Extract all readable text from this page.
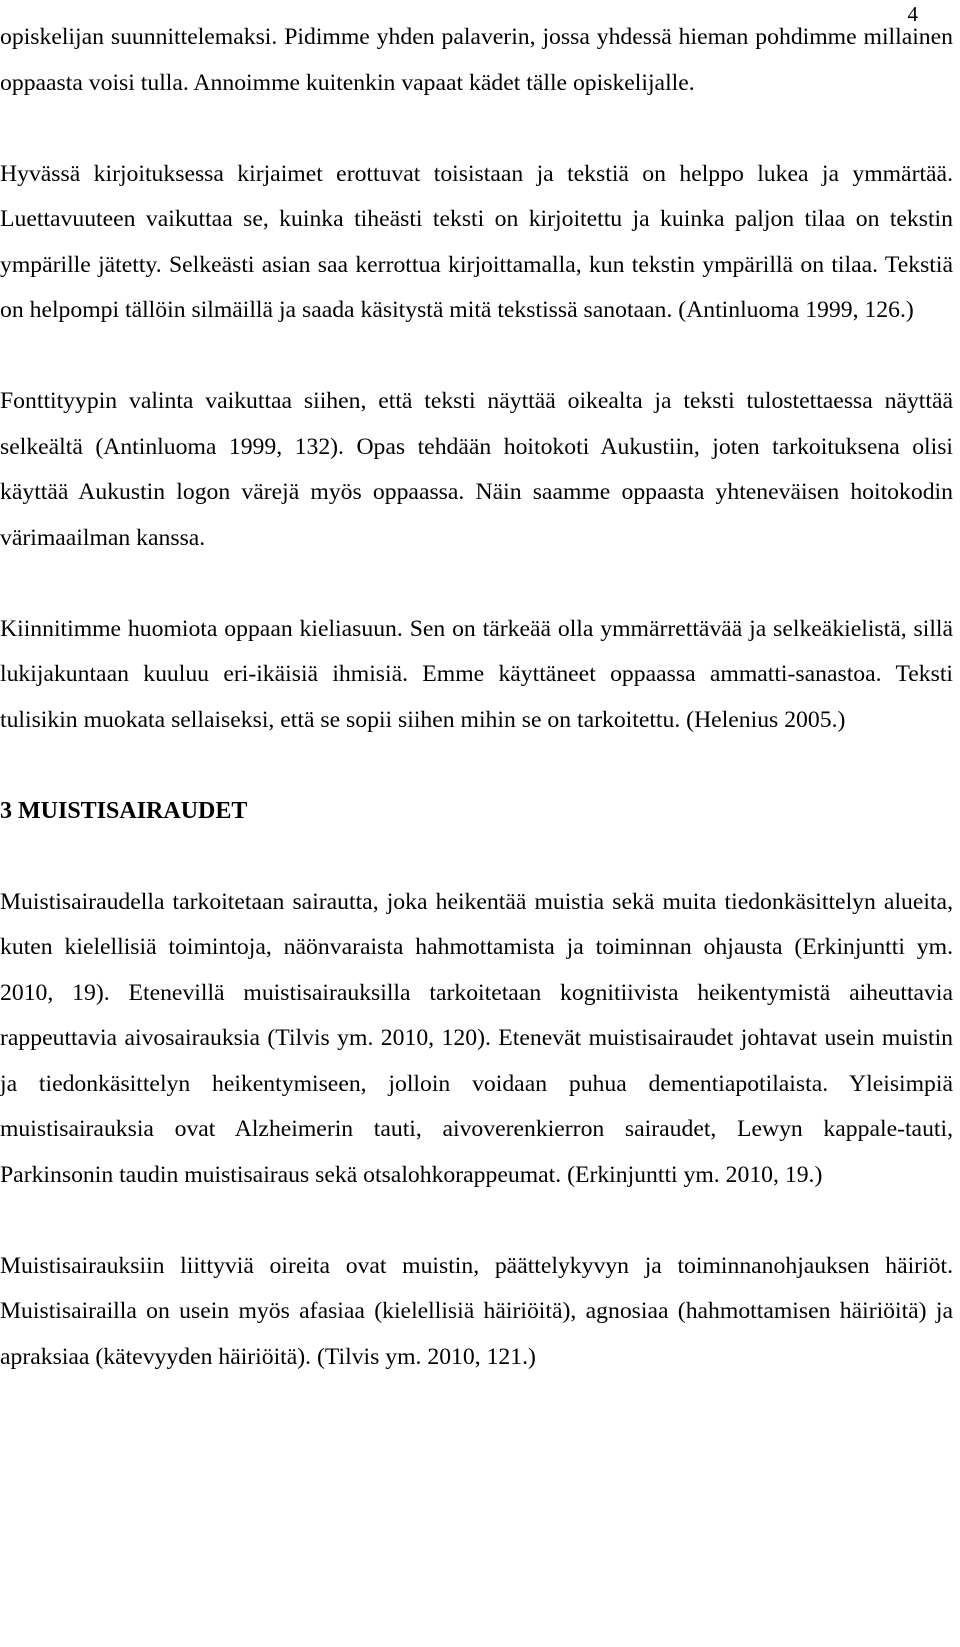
4

opiskelijan suunnittelemaksi. Pidimme yhden palaverin, jossa yhdessä hieman pohdimme millainen oppaasta voisi tulla. Annoimme kuitenkin vapaat kädet tälle opiskelijalle.

Hyvässä kirjoituksessa kirjaimet erottuvat toisistaan ja tekstiä on helppo lukea ja ymmärtää. Luettavuuteen vaikuttaa se, kuinka tiheästi teksti on kirjoitettu ja kuinka paljon tilaa on tekstin ympärille jätetty. Selkeästi asian saa kerrottua kirjoittamalla, kun tekstin ympärillä on tilaa. Tekstiä on helpompi tällöin silmäillä ja saada käsitystä mitä tekstissä sanotaan. (Antinluoma 1999, 126.)

Fonttityypin valinta vaikuttaa siihen, että teksti näyttää oikealta ja teksti tulostettaessa näyttää selkeältä (Antinluoma 1999, 132). Opas tehdään hoitokoti Aukustiin, joten tarkoituksena olisi käyttää Aukustin logon värejä myös oppaassa. Näin saamme oppaasta yhteneväisen hoitokodin värimaailman kanssa.

Kiinnitimme huomiota oppaan kieliasuun. Sen on tärkeää olla ymmärrettävää ja selkeäkielistä, sillä lukijakuntaan kuuluu eri-ikäisiä ihmisiä. Emme käyttäneet oppaassa ammatti-sanastoa. Teksti tulisikin muokata sellaiseksi, että se sopii siihen mihin se on tarkoitettu. (Helenius 2005.)

3 MUISTISAIRAUDET

Muistisairaudella tarkoitetaan sairautta, joka heikentää muistia sekä muita tiedonkäsittelyn alueita, kuten kielellisiä toimintoja, näönvaraista hahmottamista ja toiminnan ohjausta (Erkinjuntti ym. 2010, 19). Etenevillä muistisairauksilla tarkoitetaan kognitiivista heikentymistä aiheuttavia rappeuttavia aivosairauksia (Tilvis ym. 2010, 120). Etenevät muistisairaudet johtavat usein muistin ja tiedonkäsittelyn heikentymiseen, jolloin voidaan puhua dementiapotilaista. Yleisimpiä muistisairauksia ovat Alzheimerin tauti, aivoverenkierron sairaudet, Lewyn kappale-tauti, Parkinsonin taudin muistisairaus sekä otsalohkorappeumat. (Erkinjuntti ym. 2010, 19.)

Muistisairauksiin liittyviä oireita ovat muistin, päättelykyvyn ja toiminnanohjauksen häiriöt. Muistisairailla on usein myös afasiaa (kielellisiä häiriöitä), agnosiaa (hahmottamisen häiriöitä) ja apraksiaa (kätevyyden häiriöitä). (Tilvis ym. 2010, 121.)
